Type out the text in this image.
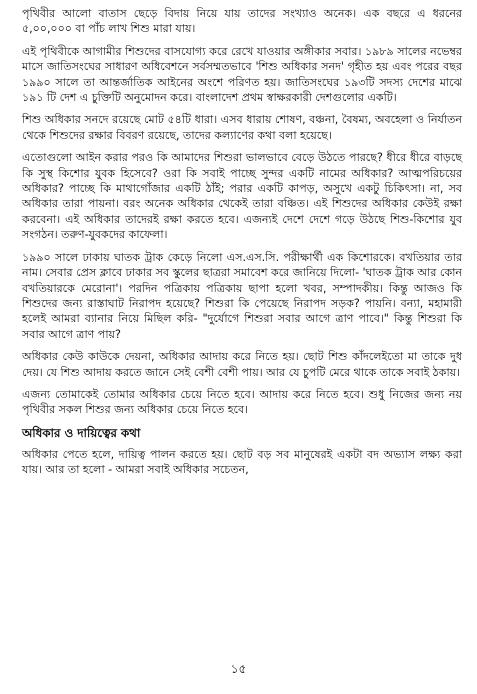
পৃথিবীর আলো বাতাস ছেড়ে বিদায় নিয়ে যায় তাদের সংখ্যাও অনেক। এক বছরে এ ধরনের ৫,০০,০০০ বা পাঁচ লাখ শিশু মারা যায়।

এই পৃথিবীকে আগামীর শিশুদের বাসযোগ্য করে রেখে যাওয়ার অঙ্গীকার সবার। ১৯৮৯ সালের নভেম্বর মাসে জাতিসংঘের সাধারণ অধিবেশনে সর্বসম্মতভাবে 'শিশু অধিকার সনদ' গৃহীত হয় এবং পরের বছর ১৯৯০ সালে তা আন্তর্জাতিক আইনের অংশে পরিণত হয়। জাতিসংঘের ১৯৩টি সদস্য দেশের মাঝে ১৯১ টি দেশ এ চুক্তিটি অনুমোদন করে। বাংলাদেশ প্রথম স্বাক্ষরকারী দেশগুলোর একটি।

শিশু অধিকার সনদে রয়েছে মোট ৫৪টি ধারা। এসব ধারায় শোষণ, বঞ্চনা, বৈষম্য, অবহেলা ও নির্যাতন থেকে শিশুদের রক্ষার বিবরণ রয়েছে, তাদের কল্যাণের কথা বলা হয়েছে।

এতোগুলো আইন করার পরও কি আমাদের শিশুরা ভালভাবে বেড়ে উঠতে পারছে? ধীরে ধীরে বাড়ছে কি সুস্থ কিশোর যুবক হিসেবে? ওরা কি সবাই পাচ্ছে সুন্দর একটি নামের অধিকার? আত্মপরিচয়ের অধিকার? পাচ্ছে কি মাথাগোঁজার একটি ঠাঁই; পরার একটি কাপড়, অসুখে একটু চিকিৎসা। না, সব অধিকার তারা পায়না। বরং অনেক অধিকার থেকেই তারা বঞ্চিত। এই শিশুদের অধিকার কেউই রক্ষা করবেনা। এই অধিকার তাদেরই রক্ষা করতে হবে। এজন্যই দেশে দেশে গড়ে উঠছে শিশু-কিশোর যুব সংগঠন। তরুণ-যুবকদের কাফেলা।

১৯৯০ সালে ঢাকায় ঘাতক ট্রাক কেড়ে নিলো এস.এস.সি. পরীক্ষার্থী এক কিশোরকে। বখতিয়ার তার নাম। সেবার প্রেস ক্লাবে ঢাকার সব স্কুলের ছাত্ররা সমাবেশ করে জানিয়ে দিলো- 'ঘাতক ট্রাক আর কোন বখতিয়ারকে মেরোনা'। পরদিন পত্রিকায় পত্রিকায় ছাপা হলো খবর, সম্পাদকীয়। কিন্তু আজও কি শিশুদের জন্য রাস্তাঘাট নিরাপদ হয়েছে? শিশুরা কি পেয়েছে নিরাপদ সড়ক? পায়নি। বন্যা, মহামারী হলেই আমরা ব্যানার নিয়ে মিছিল করি- "দুর্যোগে শিশুরা সবার আগে ত্রাণ পাবে।" কিন্তু শিশুরা কি সবার আগে ত্রাণ পায়?

অধিকার কেউ কাউকে দেয়না, অধিকার আদায় করে নিতে হয়। ছোট শিশু কাঁদলেইতো মা তাকে দুধ দেয়। যে শিশু আদায় করতে জানে সেই বেশী বেশী পায়। আর যে চুপটি মেরে থাকে তাকে সবাই ঠকায়।

এজন্য তোমাকেই তোমার অধিকার চেয়ে নিতে হবে। আদায় করে নিতে হবে। শুধু নিজের জন্য নয় পৃথিবীর সকল শিশুর জন্য অধিকার চেয়ে নিতে হবে।

অধিকার ও দায়িত্বের কথা

অধিকার পেতে হলে, দায়িত্ব পালন করতে হয়। ছোট বড় সব মানুষেরই একটা বদ অভ্যাস লক্ষ্য করা যায়। আর তা হলো - আমরা সবাই অধিকার সচেতন,

১৫
